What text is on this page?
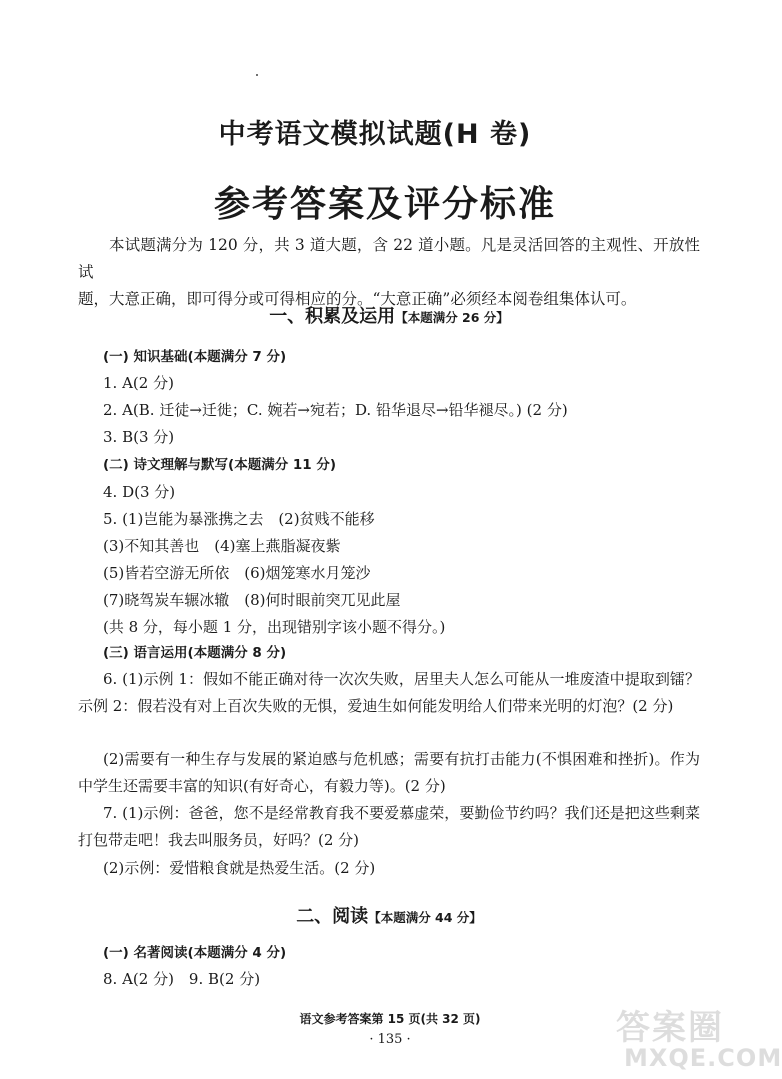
中考语文模拟试题(H 卷)
参考答案及评分标准

本试题满分为 120 分，共 3 道大题，含 22 道小题。凡是灵活回答的主观性、开放性试

题，大意正确，即可得分或可得相应的分。“大意正确”必须经本阅卷组集体认可。

一、积累及运用【本题满分 26 分】
(一) 知识基础(本题满分 7 分)
1. A(2 分)
2. A(B. 迁徒→迁徙；C. 婉若→宛若；D. 铅华退尽→铅华褪尽。) (2 分)
3. B(3 分)
(二) 诗文理解与默写(本题满分 11 分)
4. D(3 分)
5. (1)岂能为暴涨携之去　(2)贫贱不能移
(3)不知其善也　(4)塞上燕脂凝夜紫
(5)皆若空游无所依　(6)烟笼寒水月笼沙
(7)晓驾炭车辗冰辙　(8)何时眼前突兀见此屋
(共 8 分，每小题 1 分，出现错别字该小题不得分。)
(三) 语言运用(本题满分 8 分)
6. (1)示例 1：假如不能正确对待一次次失败，居里夫人怎么可能从一堆废渣中提取到镭？示例 2：假若没有对上百次失败的无惧，爱迪生如何能发明给人们带来光明的灯泡？(2 分)
(2)需要有一种生存与发展的紧迫感与危机感；需要有抗打击能力(不惧困难和挫折)。作为中学生还需要丰富的知识(有好奇心，有毅力等)。(2 分)
7. (1)示例：爸爸，您不是经常教育我不要爱慕虚荣，要勤俭节约吗？我们还是把这些剩菜打包带走吧！我去叫服务员，好吗？(2 分)
(2)示例：爱惜粮食就是热爱生活。(2 分)
二、阅读【本题满分 44 分】
(一) 名著阅读(本题满分 4 分)
8. A(2 分)　9. B(2 分)
语文参考答案第 15 页(共 32 页)
· 135 ·	答案圈
MXQE.COM
